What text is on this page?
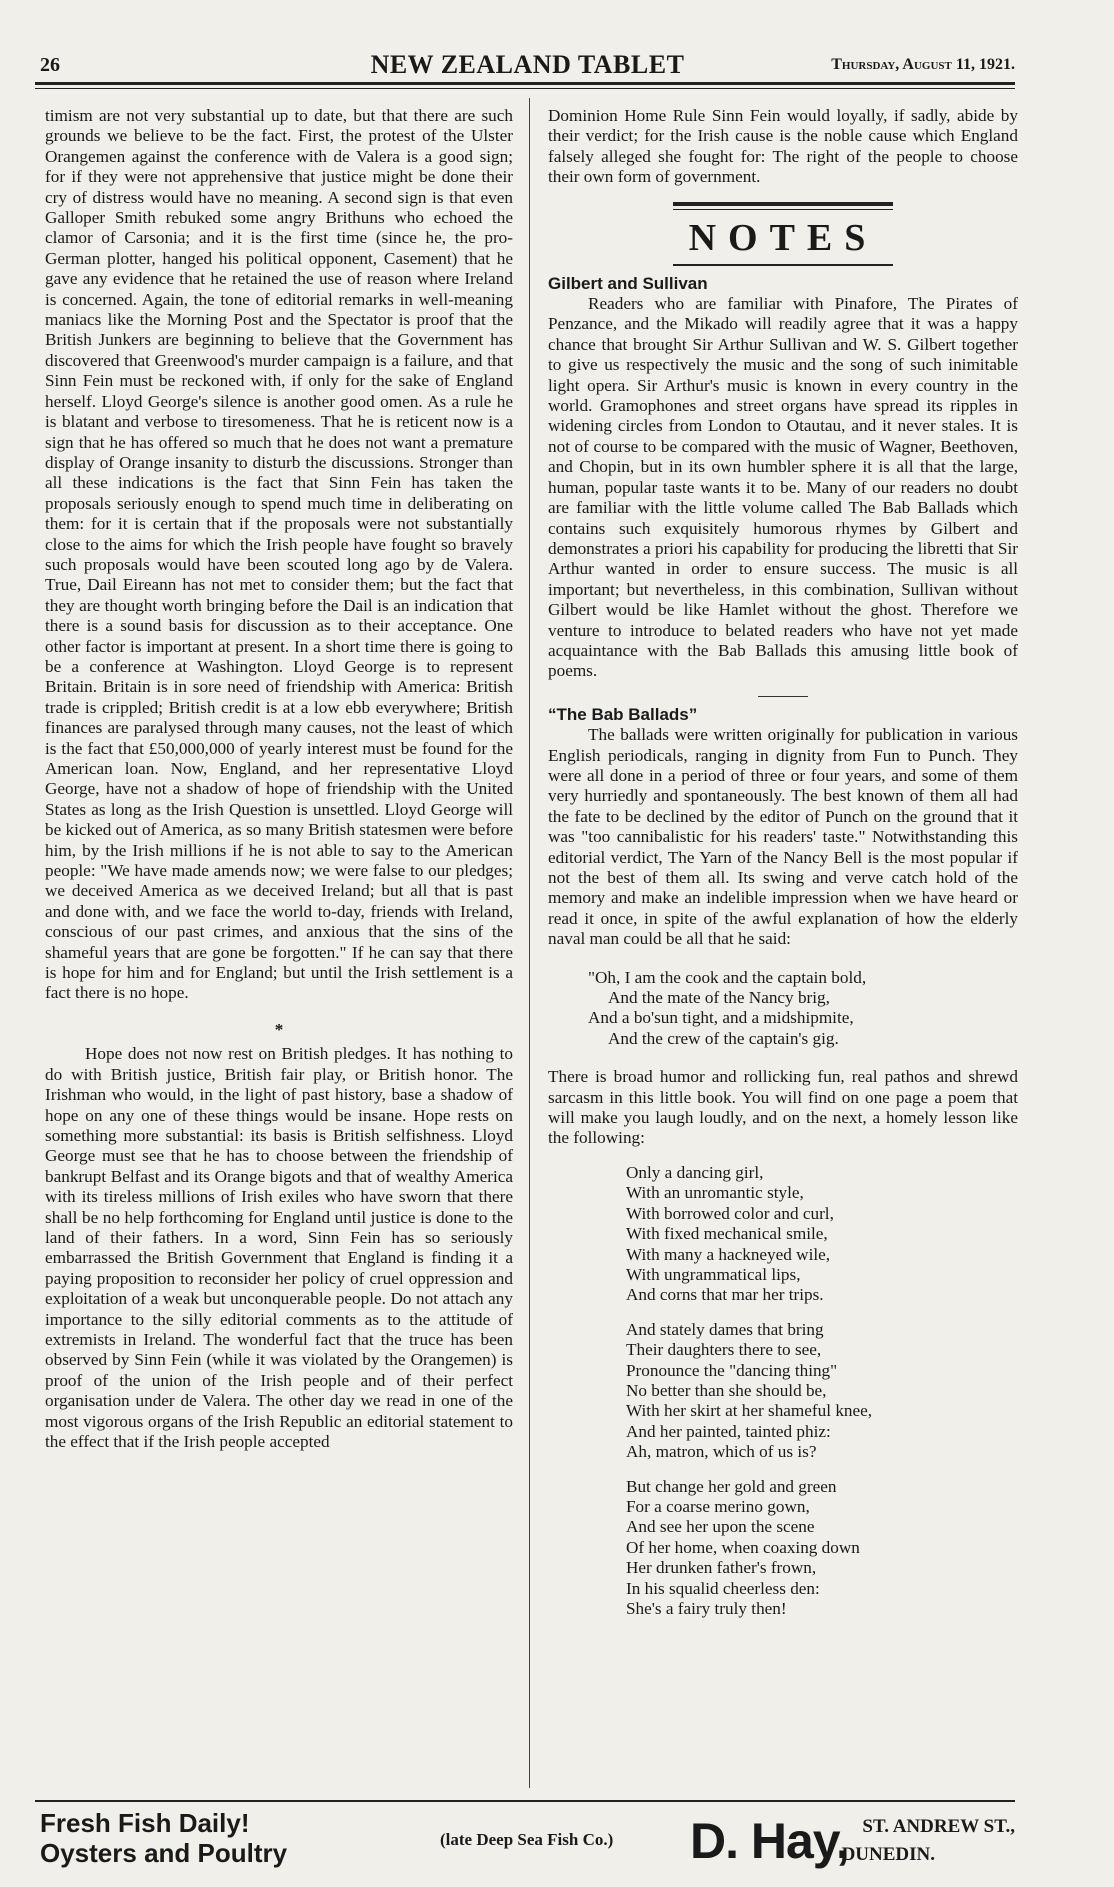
26	NEW ZEALAND TABLET	Thursday, August 11, 1921.

timism are not very substantial up to date, but that there are such grounds we believe to be the fact. First, the protest of the Ulster Orangemen against the conference with de Valera is a good sign; for if they were not apprehensive that justice might be done their cry of distress would have no meaning. A second sign is that even Galloper Smith rebuked some angry Brithuns who echoed the clamor of Carsonia; and it is the first time (since he, the pro-German plotter, hanged his political opponent, Casement) that he gave any evidence that he retained the use of reason where Ireland is concerned. Again, the tone of editorial remarks in well-meaning maniacs like the Morning Post and the Spectator is proof that the British Junkers are beginning to believe that the Government has discovered that Greenwood's murder campaign is a failure, and that Sinn Fein must be reckoned with, if only for the sake of England herself. Lloyd George's silence is another good omen. As a rule he is blatant and verbose to tiresomeness. That he is reticent now is a sign that he has offered so much that he does not want a premature display of Orange insanity to disturb the discussions. Stronger than all these indications is the fact that Sinn Fein has taken the proposals seriously enough to spend much time in deliberating on them: for it is certain that if the proposals were not substantially close to the aims for which the Irish people have fought so bravely such proposals would have been scouted long ago by de Valera. True, Dail Eireann has not met to consider them; but the fact that they are thought worth bringing before the Dail is an indication that there is a sound basis for discussion as to their acceptance. One other factor is important at present. In a short time there is going to be a conference at Washington. Lloyd George is to represent Britain. Britain is in sore need of friendship with America: British trade is crippled; British credit is at a low ebb everywhere; British finances are paralysed through many causes, not the least of which is the fact that £50,000,000 of yearly interest must be found for the American loan. Now, England, and her representative Lloyd George, have not a shadow of hope of friendship with the United States as long as the Irish Question is unsettled. Lloyd George will be kicked out of America, as so many British statesmen were before him, by the Irish millions if he is not able to say to the American people: "We have made amends now; we were false to our pledges; we deceived America as we deceived Ireland; but all that is past and done with, and we face the world to-day, friends with Ireland, conscious of our past crimes, and anxious that the sins of the shameful years that are gone be forgotten." If he can say that there is hope for him and for England; but until the Irish settlement is a fact there is no hope.

*

Hope does not now rest on British pledges. It has nothing to do with British justice, British fair play, or British honor. The Irishman who would, in the light of past history, base a shadow of hope on any one of these things would be insane. Hope rests on something more substantial: its basis is British selfishness. Lloyd George must see that he has to choose between the friendship of bankrupt Belfast and its Orange bigots and that of wealthy America with its tireless millions of Irish exiles who have sworn that there shall be no help forthcoming for England until justice is done to the land of their fathers. In a word, Sinn Fein has so seriously embarrassed the British Government that England is finding it a paying proposition to reconsider her policy of cruel oppression and exploitation of a weak but unconquerable people. Do not attach any importance to the silly editorial comments as to the attitude of extremists in Ireland. The wonderful fact that the truce has been observed by Sinn Fein (while it was violated by the Orangemen) is proof of the union of the Irish people and of their perfect organisation under de Valera. The other day we read in one of the most vigorous organs of the Irish Republic an editorial statement to the effect that if the Irish people accepted

Dominion Home Rule Sinn Fein would loyally, if sadly, abide by their verdict; for the Irish cause is the noble cause which England falsely alleged she fought for: The right of the people to choose their own form of government.

NOTES
Gilbert and Sullivan

Readers who are familiar with Pinafore, The Pirates of Penzance, and the Mikado will readily agree that it was a happy chance that brought Sir Arthur Sullivan and W. S. Gilbert together to give us respectively the music and the song of such inimitable light opera. Sir Arthur's music is known in every country in the world. Gramophones and street organs have spread its ripples in widening circles from London to Otautau, and it never stales. It is not of course to be compared with the music of Wagner, Beethoven, and Chopin, but in its own humbler sphere it is all that the large, human, popular taste wants it to be. Many of our readers no doubt are familiar with the little volume called The Bab Ballads which contains such exquisitely humorous rhymes by Gilbert and demonstrates a priori his capability for producing the libretti that Sir Arthur wanted in order to ensure success. The music is all important; but nevertheless, in this combination, Sullivan without Gilbert would be like Hamlet without the ghost. Therefore we venture to introduce to belated readers who have not yet made acquaintance with the Bab Ballads this amusing little book of poems.

“The Bab Ballads”

The ballads were written originally for publication in various English periodicals, ranging in dignity from Fun to Punch. They were all done in a period of three or four years, and some of them very hurriedly and spontaneously. The best known of them all had the fate to be declined by the editor of Punch on the ground that it was "too cannibalistic for his readers' taste." Notwithstanding this editorial verdict, The Yarn of the Nancy Bell is the most popular if not the best of them all. Its swing and verve catch hold of the memory and make an indelible impression when we have heard or read it once, in spite of the awful explanation of how the elderly naval man could be all that he said:

"Oh, I am the cook and the captain bold,
And the mate of the Nancy brig,
And a bo'sun tight, and a midshipmite,
And the crew of the captain's gig.

There is broad humor and rollicking fun, real pathos and shrewd sarcasm in this little book. You will find on one page a poem that will make you laugh loudly, and on the next, a homely lesson like the following:

Only a dancing girl,
With an unromantic style,
With borrowed color and curl,
With fixed mechanical smile,
With many a hackneyed wile,
With ungrammatical lips,
And corns that mar her trips.
And stately dames that bring
Their daughters there to see,
Pronounce the "dancing thing"
No better than she should be,
With her skirt at her shameful knee,
And her painted, tainted phiz:
Ah, matron, which of us is?
But change her gold and green
For a coarse merino gown,
And see her upon the scene
Of her home, when coaxing down
Her drunken father's frown,
In his squalid cheerless den:
She's a fairy truly then!
Fresh Fish Daily!
Oysters and Poultry	(late Deep Sea Fish Co.) D. Hay, ST. ANDREW ST.,
DUNEDIN.
